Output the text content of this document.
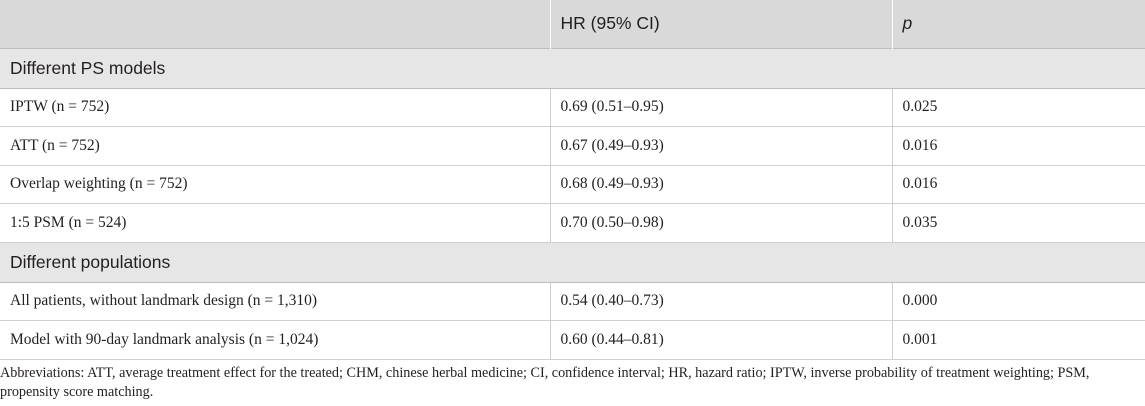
	HR (95% CI)	p
Different PS models		
IPTW (n = 752)	0.69 (0.51–0.95)	0.025
ATT (n = 752)	0.67 (0.49–0.93)	0.016
Overlap weighting (n = 752)	0.68 (0.49–0.93)	0.016
1:5 PSM (n = 524)	0.70 (0.50–0.98)	0.035
Different populations		
All patients, without landmark design (n = 1,310)	0.54 (0.40–0.73)	0.000
Model with 90-day landmark analysis (n = 1,024)	0.60 (0.44–0.81)	0.001
Abbreviations: ATT, average treatment effect for the treated; CHM, chinese herbal medicine; CI, confidence interval; HR, hazard ratio; IPTW, inverse probability of treatment weighting; PSM, propensity score matching.
